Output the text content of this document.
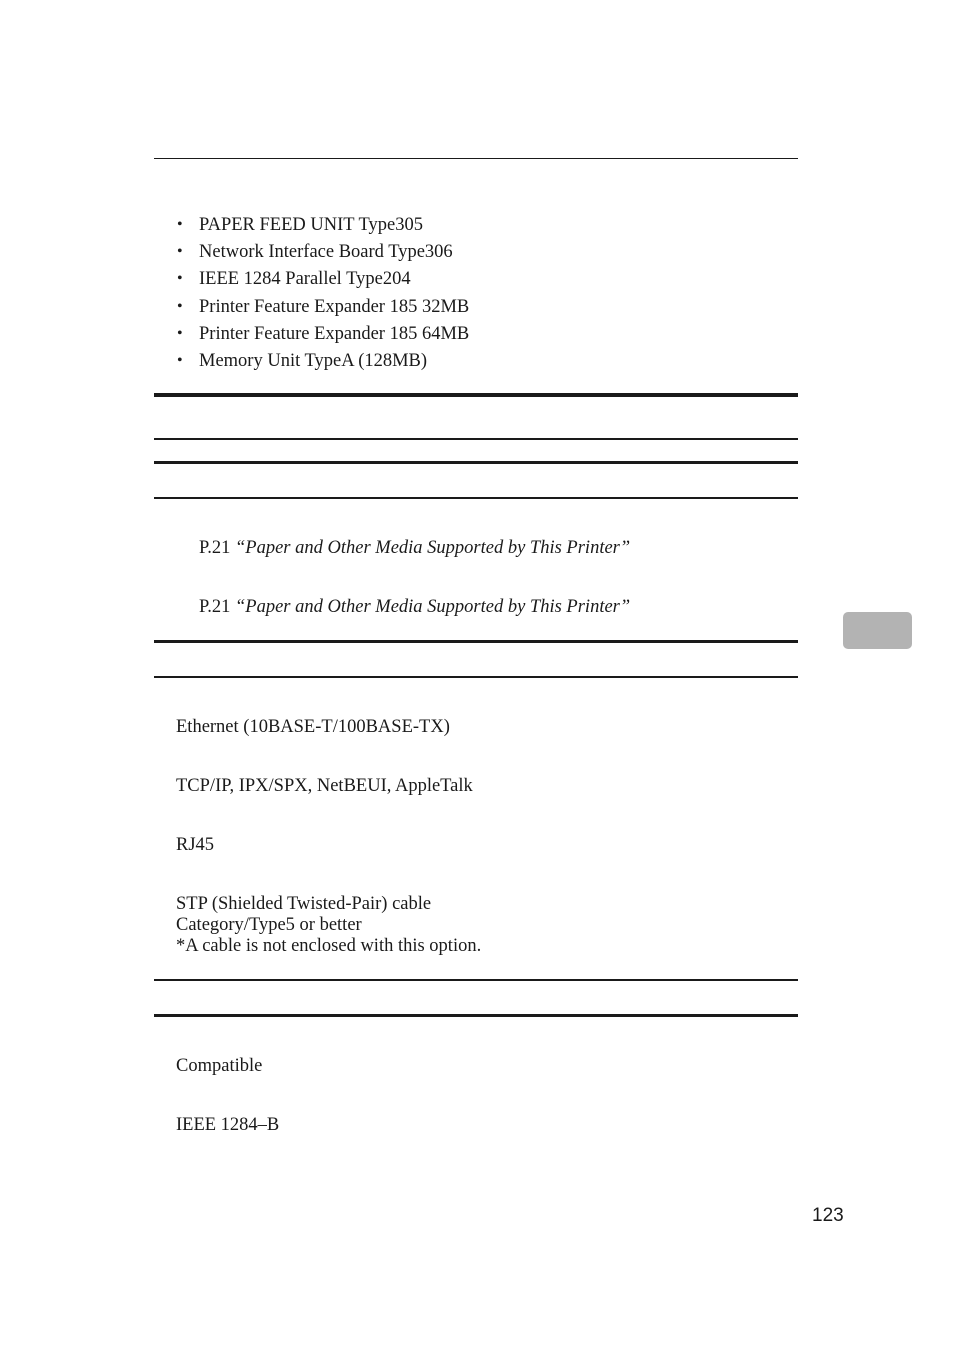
• PAPER FEED UNIT Type305
• Network Interface Board Type306
• IEEE 1284 Parallel Type204
• Printer Feature Expander 185 32MB
• Printer Feature Expander 185 64MB
• Memory Unit TypeA (128MB)
P.21 “Paper and Other Media Supported by This Printer”
P.21 “Paper and Other Media Supported by This Printer”
Ethernet (10BASE-T/100BASE-TX)
TCP/IP, IPX/SPX, NetBEUI, AppleTalk
RJ45
STP (Shielded Twisted-Pair) cable
Category/Type5 or better
*A cable is not enclosed with this option.
Compatible
IEEE 1284–B
123
